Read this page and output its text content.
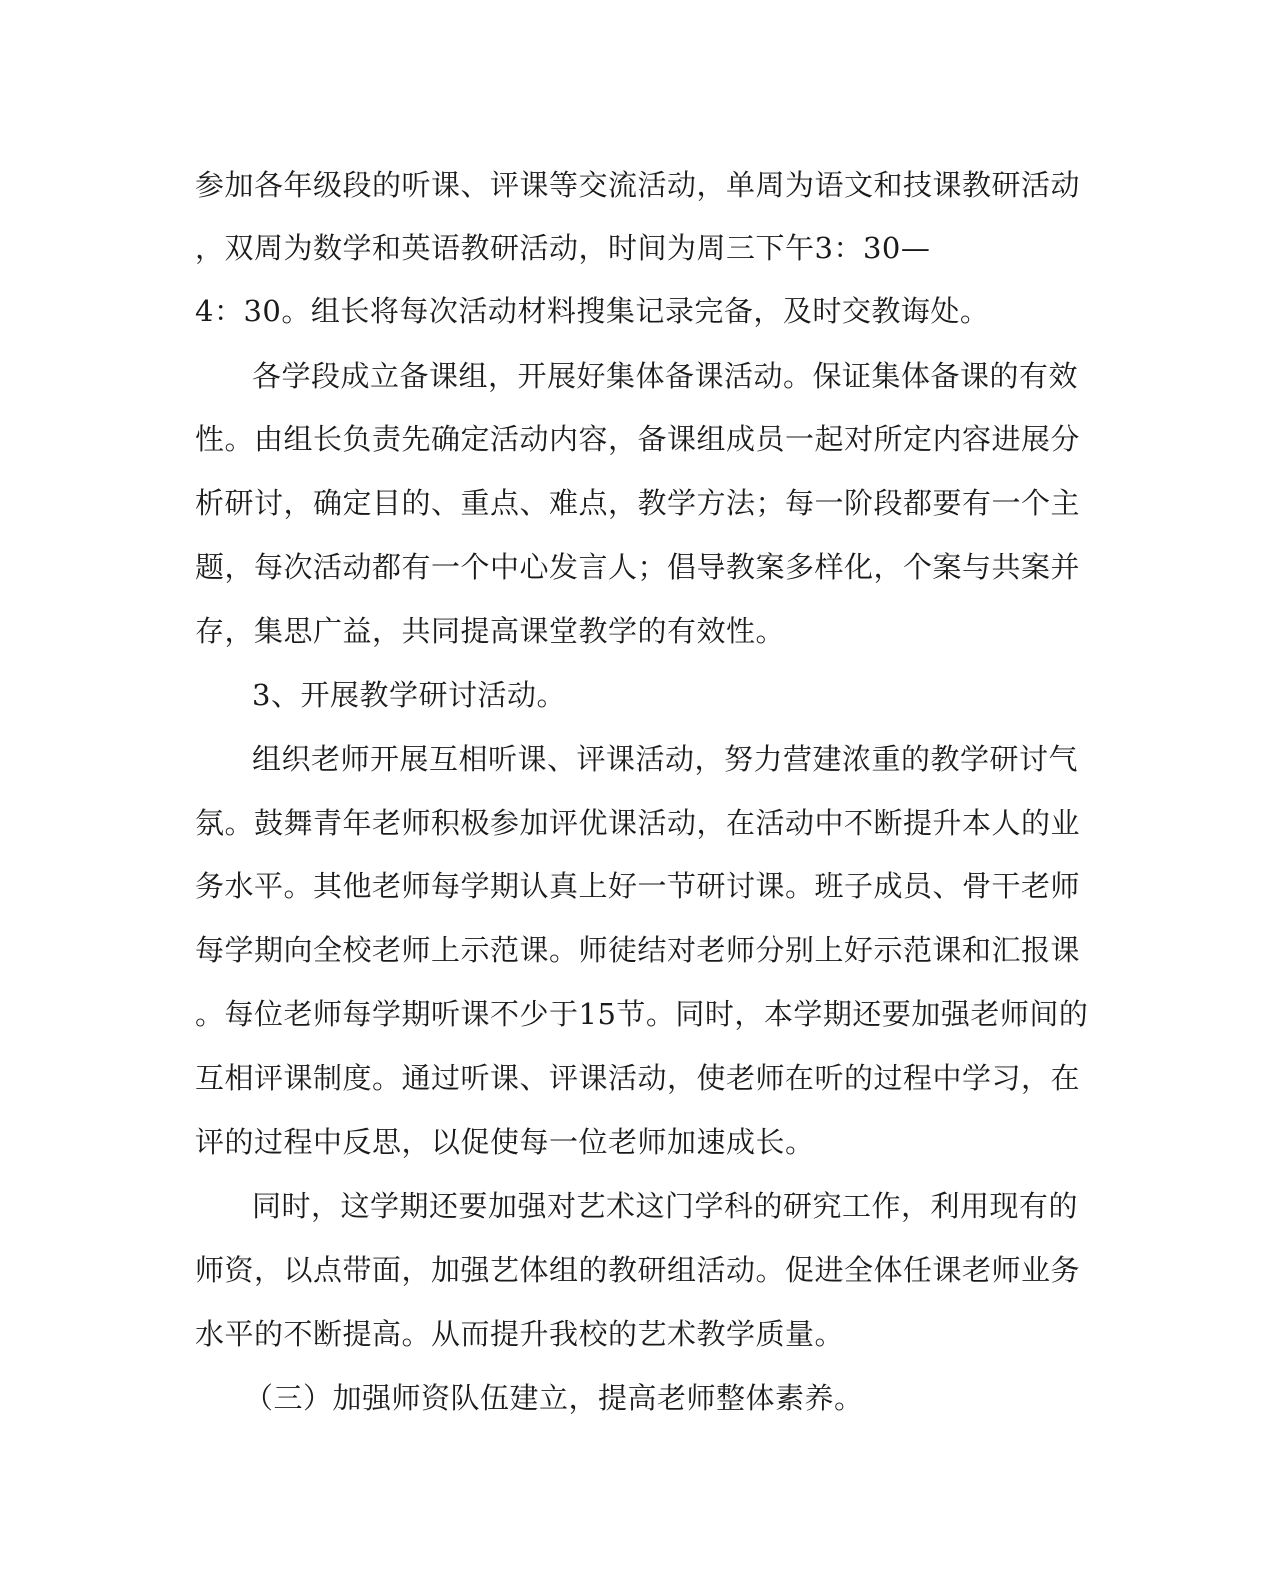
参加各年级段的听课、评课等交流活动，单周为语文和技课教研活动
，双周为数学和英语教研活动，时间为周三下午3：30—
4：30。组长将每次活动材料搜集记录完备，及时交教诲处。
各学段成立备课组，开展好集体备课活动。保证集体备课的有效
性。由组长负责先确定活动内容，备课组成员一起对所定内容进展分
析研讨，确定目的、重点、难点，教学方法；每一阶段都要有一个主
题，每次活动都有一个中心发言人；倡导教案多样化，个案与共案并
存，集思广益，共同提高课堂教学的有效性。
3、开展教学研讨活动。
组织老师开展互相听课、评课活动，努力营建浓重的教学研讨气
氛。鼓舞青年老师积极参加评优课活动，在活动中不断提升本人的业
务水平。其他老师每学期认真上好一节研讨课。班子成员、骨干老师
每学期向全校老师上示范课。师徒结对老师分别上好示范课和汇报课
。每位老师每学期听课不少于15节。同时，本学期还要加强老师间的
互相评课制度。通过听课、评课活动，使老师在听的过程中学习，在
评的过程中反思，以促使每一位老师加速成长。
同时，这学期还要加强对艺术这门学科的研究工作，利用现有的
师资，以点带面，加强艺体组的教研组活动。促进全体任课老师业务
水平的不断提高。从而提升我校的艺术教学质量。
（三）加强师资队伍建立，提高老师整体素养。
